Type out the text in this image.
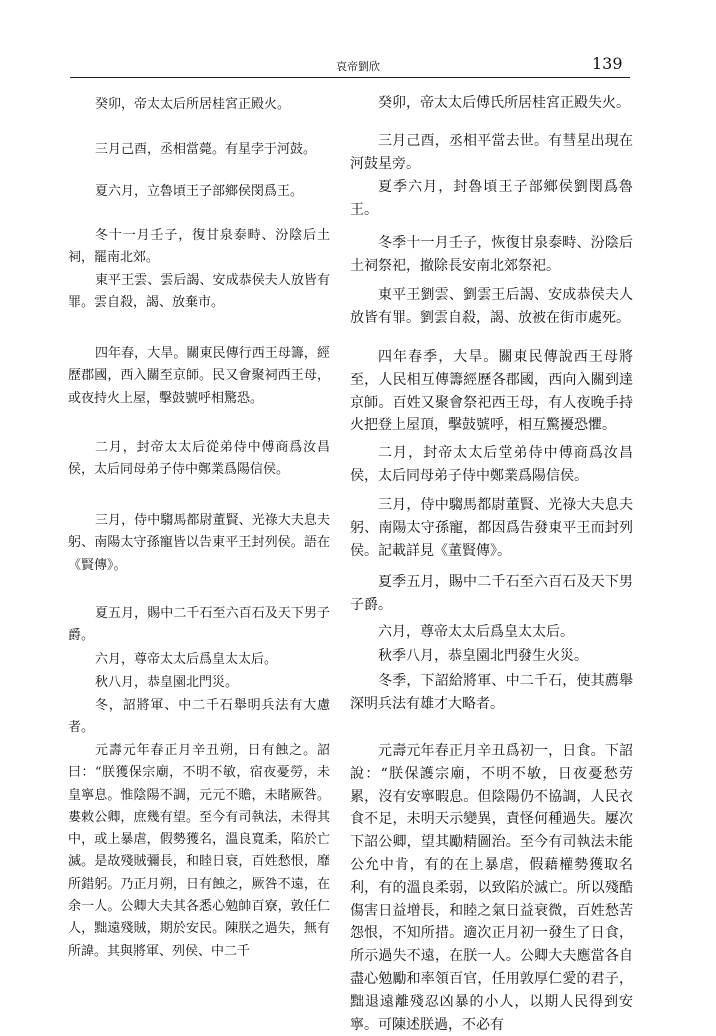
哀帝劉欣	139
癸卯，帝太太后所居桂宮正殿火。
三月己酉，丞相當薨。有星孛于河鼓。
夏六月，立魯頃王子部鄉侯閔爲王。
冬十一月壬子，復甘泉泰畤、汾陰后土祠，罷南北郊。
東平王雲、雲后謁、安成恭侯夫人放皆有罪。雲自殺，謁、放棄市。
四年春，大旱。關東民傳行西王母籌，經歷郡國，西入關至京師。民又會聚祠西王母，或夜持火上屋，擊鼓號呼相驚恐。
二月，封帝太太后從弟侍中傅商爲汝昌侯，太后同母弟子侍中鄭業爲陽信侯。
三月，侍中騶馬都尉董賢、光祿大夫息夫躬、南陽太守孫寵皆以告東平王封列侯。語在《賢傳》。
夏五月，賜中二千石至六百石及天下男子爵。
六月，尊帝太太后爲皇太太后。
秋八月，恭皇園北門災。
冬，詔將軍、中二千石舉明兵法有大慮者。
元壽元年春正月辛丑朔，日有蝕之。詔曰：“朕獲保宗廟，不明不敏，宿夜憂勞，未皇寧息。惟陰陽不調，元元不贍，未睹厥咎。婁敕公卿，庶幾有望。至今有司執法，未得其中，或上暴虐，假勢獲名，溫良寬柔，陷於亡滅。是故殘賊彌長，和睦日衰，百姓愁恨，靡所錯躬。乃正月朔，日有蝕之，厥咎不遠，在余一人。公卿大夫其各悉心勉帥百寮，敦任仁人，黜遠殘賊，期於安民。陳朕之過失，無有所諱。其與將軍、列侯、中二千
癸卯，帝太太后傅氏所居桂宮正殿失火。
三月己酉，丞相平當去世。有彗星出現在河鼓星旁。
夏季六月，封魯頃王子部鄉侯劉閔爲魯王。
冬季十一月壬子，恢復甘泉泰畤、汾陰后土祠祭祀，撤除長安南北郊祭祀。
東平王劉雲、劉雲王后謁、安成恭侯夫人放皆有罪。劉雲自殺，謁、放被在街市處死。
四年春季，大旱。關東民傳說西王母將至，人民相互傳籌經歷各郡國，西向入關到達京師。百姓又聚會祭祀西王母，有人夜晚手持火把登上屋頂，擊鼓號呼，相互驚擾恐懼。
二月，封帝太太后堂弟侍中傅商爲汝昌侯，太后同母弟子侍中鄭業爲陽信侯。
三月，侍中騶馬都尉董賢、光祿大夫息夫躬、南陽太守孫寵，都因爲告發東平王而封列侯。記載詳見《董賢傳》。
夏季五月，賜中二千石至六百石及天下男子爵。
六月，尊帝太太后爲皇太太后。
秋季八月，恭皇園北門發生火災。
冬季，下詔給將軍、中二千石，使其薦舉深明兵法有雄才大略者。
元壽元年春正月辛丑爲初一，日食。下詔說：“朕保護宗廟，不明不敏，日夜憂愁劳累，沒有安寧暇息。但陰陽仍不協調，人民衣食不足，未明天示變異，責怪何種過失。屢次下詔公卿，望其勵精圖治。至今有司執法未能公允中肯，有的在上暴虐，假藉權勢獲取名利，有的溫良柔弱，以致陷於滅亡。所以殘酷傷害日益增長，和睦之氣日益衰微，百姓愁苦怨恨，不知所措。適次正月初一發生了日食，所示過失不遠，在朕一人。公卿大夫應當各自盡心勉勵和率領百官，任用敦厚仁愛的君子，黜退遠離殘忍凶暴的小人，以期人民得到安寧。可陳述朕過，不必有
